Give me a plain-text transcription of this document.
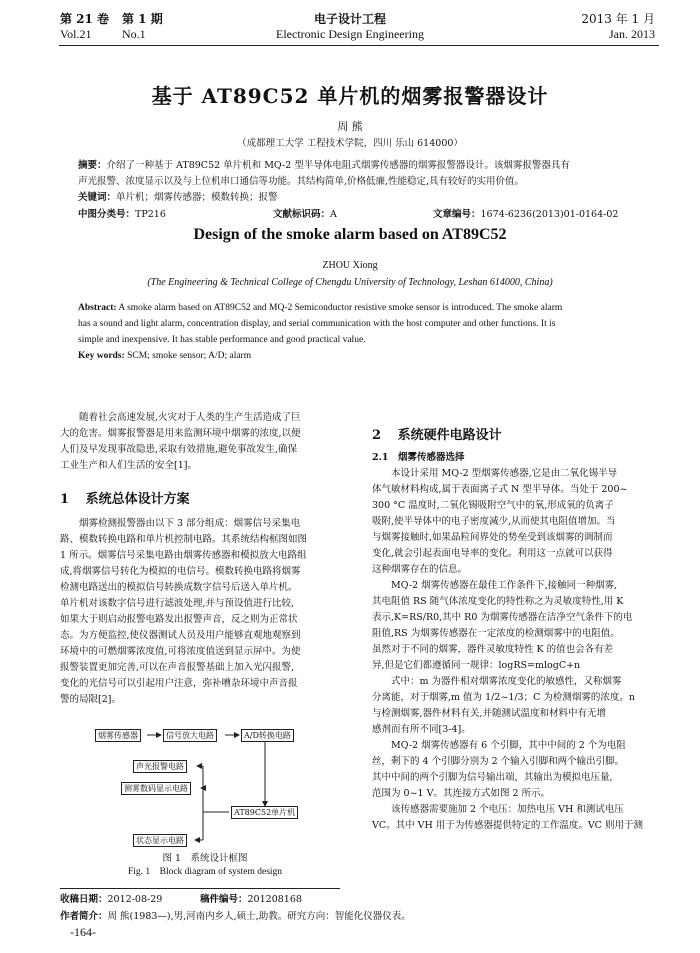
第 21 卷 第 1 期
Vol.21	No.1
电子设计工程
Electronic Design Engineering
2013 年 1 月
Jan. 2013
基于 AT89C52 单片机的烟雾报警器设计
周 熊
（成都理工大学 工程技术学院，四川 乐山 614000）
摘要：介绍了一种基于 AT89C52 单片机和 MQ-2 型半导体电阻式烟雾传感器的烟雾报警器设计。该烟雾报警器具有
声光报警、浓度显示以及与上位机串口通信等功能。其结构简单,价格低廉,性能稳定,具有较好的实用价值。
关键词：单片机；烟雾传感器；模数转换；报警
中图分类号：TP216	文献标识码：A	文章编号：1674-6236(2013)01-0164-02
Design of the smoke alarm based on AT89C52
ZHOU Xiong
(The Engineering & Technical College of Chengdu University of Technology, Leshan 614000, China)
Abstract: A smoke alarm based on AT89C52 and MQ-2 Semiconductor resistive smoke sensor is introduced. The smoke alarm
has a sound and light alarm, concentration display, and serial communication with the host computer and other functions. It is
simple and inexpensive. It has stable performance and good practical value.
Key words: SCM; smoke sensor; A/D; alarm

随着社会高速发展,火灾对于人类的生产生活造成了巨

大的危害。烟雾报警器是用来监测环境中烟雾的浓度,以便

人们及早发现事故隐患,采取有效措施,避免事故发生,确保

工业生产和人们生活的安全[1]。

1 系统总体设计方案

烟雾检测报警器由以下 3 部分组成：烟雾信号采集电

路、模数转换电路和单片机控制电路。其系统结构框图如图

1 所示。烟雾信号采集电路由烟雾传感器和模拟放大电路组

成,将烟雾信号转化为模拟的电信号。模数转换电路将烟雾

检测电路送出的模拟信号转换成数字信号后送入单片机。

单片机对该数字信号进行滤波处理,并与预设值进行比较,

如果大于则启动报警电路发出报警声音，反之则为正常状

态。为方便监控,使仪器测试人员及用户能够直观地观察到

环境中的可燃烟雾浓度值,可将浓度值送到显示屏中。为使

报警装置更加完善,可以在声音报警基础上加入光闪报警,

变化的光信号可以引起用户注意，弥补嘈杂环境中声音报

警的局限[2]。

烟雾传感器	信号放大电路	A/D转换电路
声光报警电路
测雾数码显示电路
AT89C52单片机
状态显示电路
图 1　系统设计框图
Fig. 1　Block diagram of system design
2 系统硬件电路设计
2.1　烟雾传感器选择

本设计采用 MQ-2 型烟雾传感器,它是由二氧化锡半导

体气敏材料构成,属于表面离子式 N 型半导体。当处于 200~

300 °C 温度时,二氧化锡吸附空气中的氧,形成氧的负离子

吸附,使半导体中的电子密度减少,从而使其电阻值增加。当

与烟雾接触时,如果晶粒间界处的势垒受到该烟雾的调制而

变化,就会引起表面电导率的变化。利用这一点就可以获得

这种烟雾存在的信息。

MQ-2 烟雾传感器在最佳工作条件下,接触同一种烟雾,

其电阻值 RS 随气体浓度变化的特性称之为灵敏度特性,用 K

表示,K=RS/R0,其中 R0 为烟雾传感器在洁净空气条件下的电

阻值,RS 为烟雾传感器在一定浓度的检测烟雾中的电阻值。

虽然对于不同的烟雾，器件灵敏度特性 K 的值也会各有差

异,但是它们都遵循同一规律：logRS=mlogC+n

式中：m 为器件相对烟雾浓度变化的敏感性，又称烟雾

分离能，对于烟雾,m 值为 1/2~1/3；C 为检测烟雾的浓度。n

与检测烟雾,器件材料有关,并随测试温度和材料中有无增

感剂而有所不同[3-4]。

MQ-2 烟雾传感器有 6 个引脚，其中中间的 2 个为电阻

丝，剩下的 4 个引脚分别为 2 个输入引脚和两个输出引脚。

其中中间的两个引脚为信号输出端，其输出为模拟电压量,

范围为 0~1 V。其连接方式如图 2 所示。

该传感器需要施加 2 个电压：加热电压 VH 和测试电压

VC。其中 VH 用于为传感器提供特定的工作温度。VC 则用于测

收稿日期：2012-08-29	稿件编号：201208168
作者简介：周 熊(1983—),男,河南内乡人,硕士,助教。研究方向：智能化仪器仪表。
-164-
